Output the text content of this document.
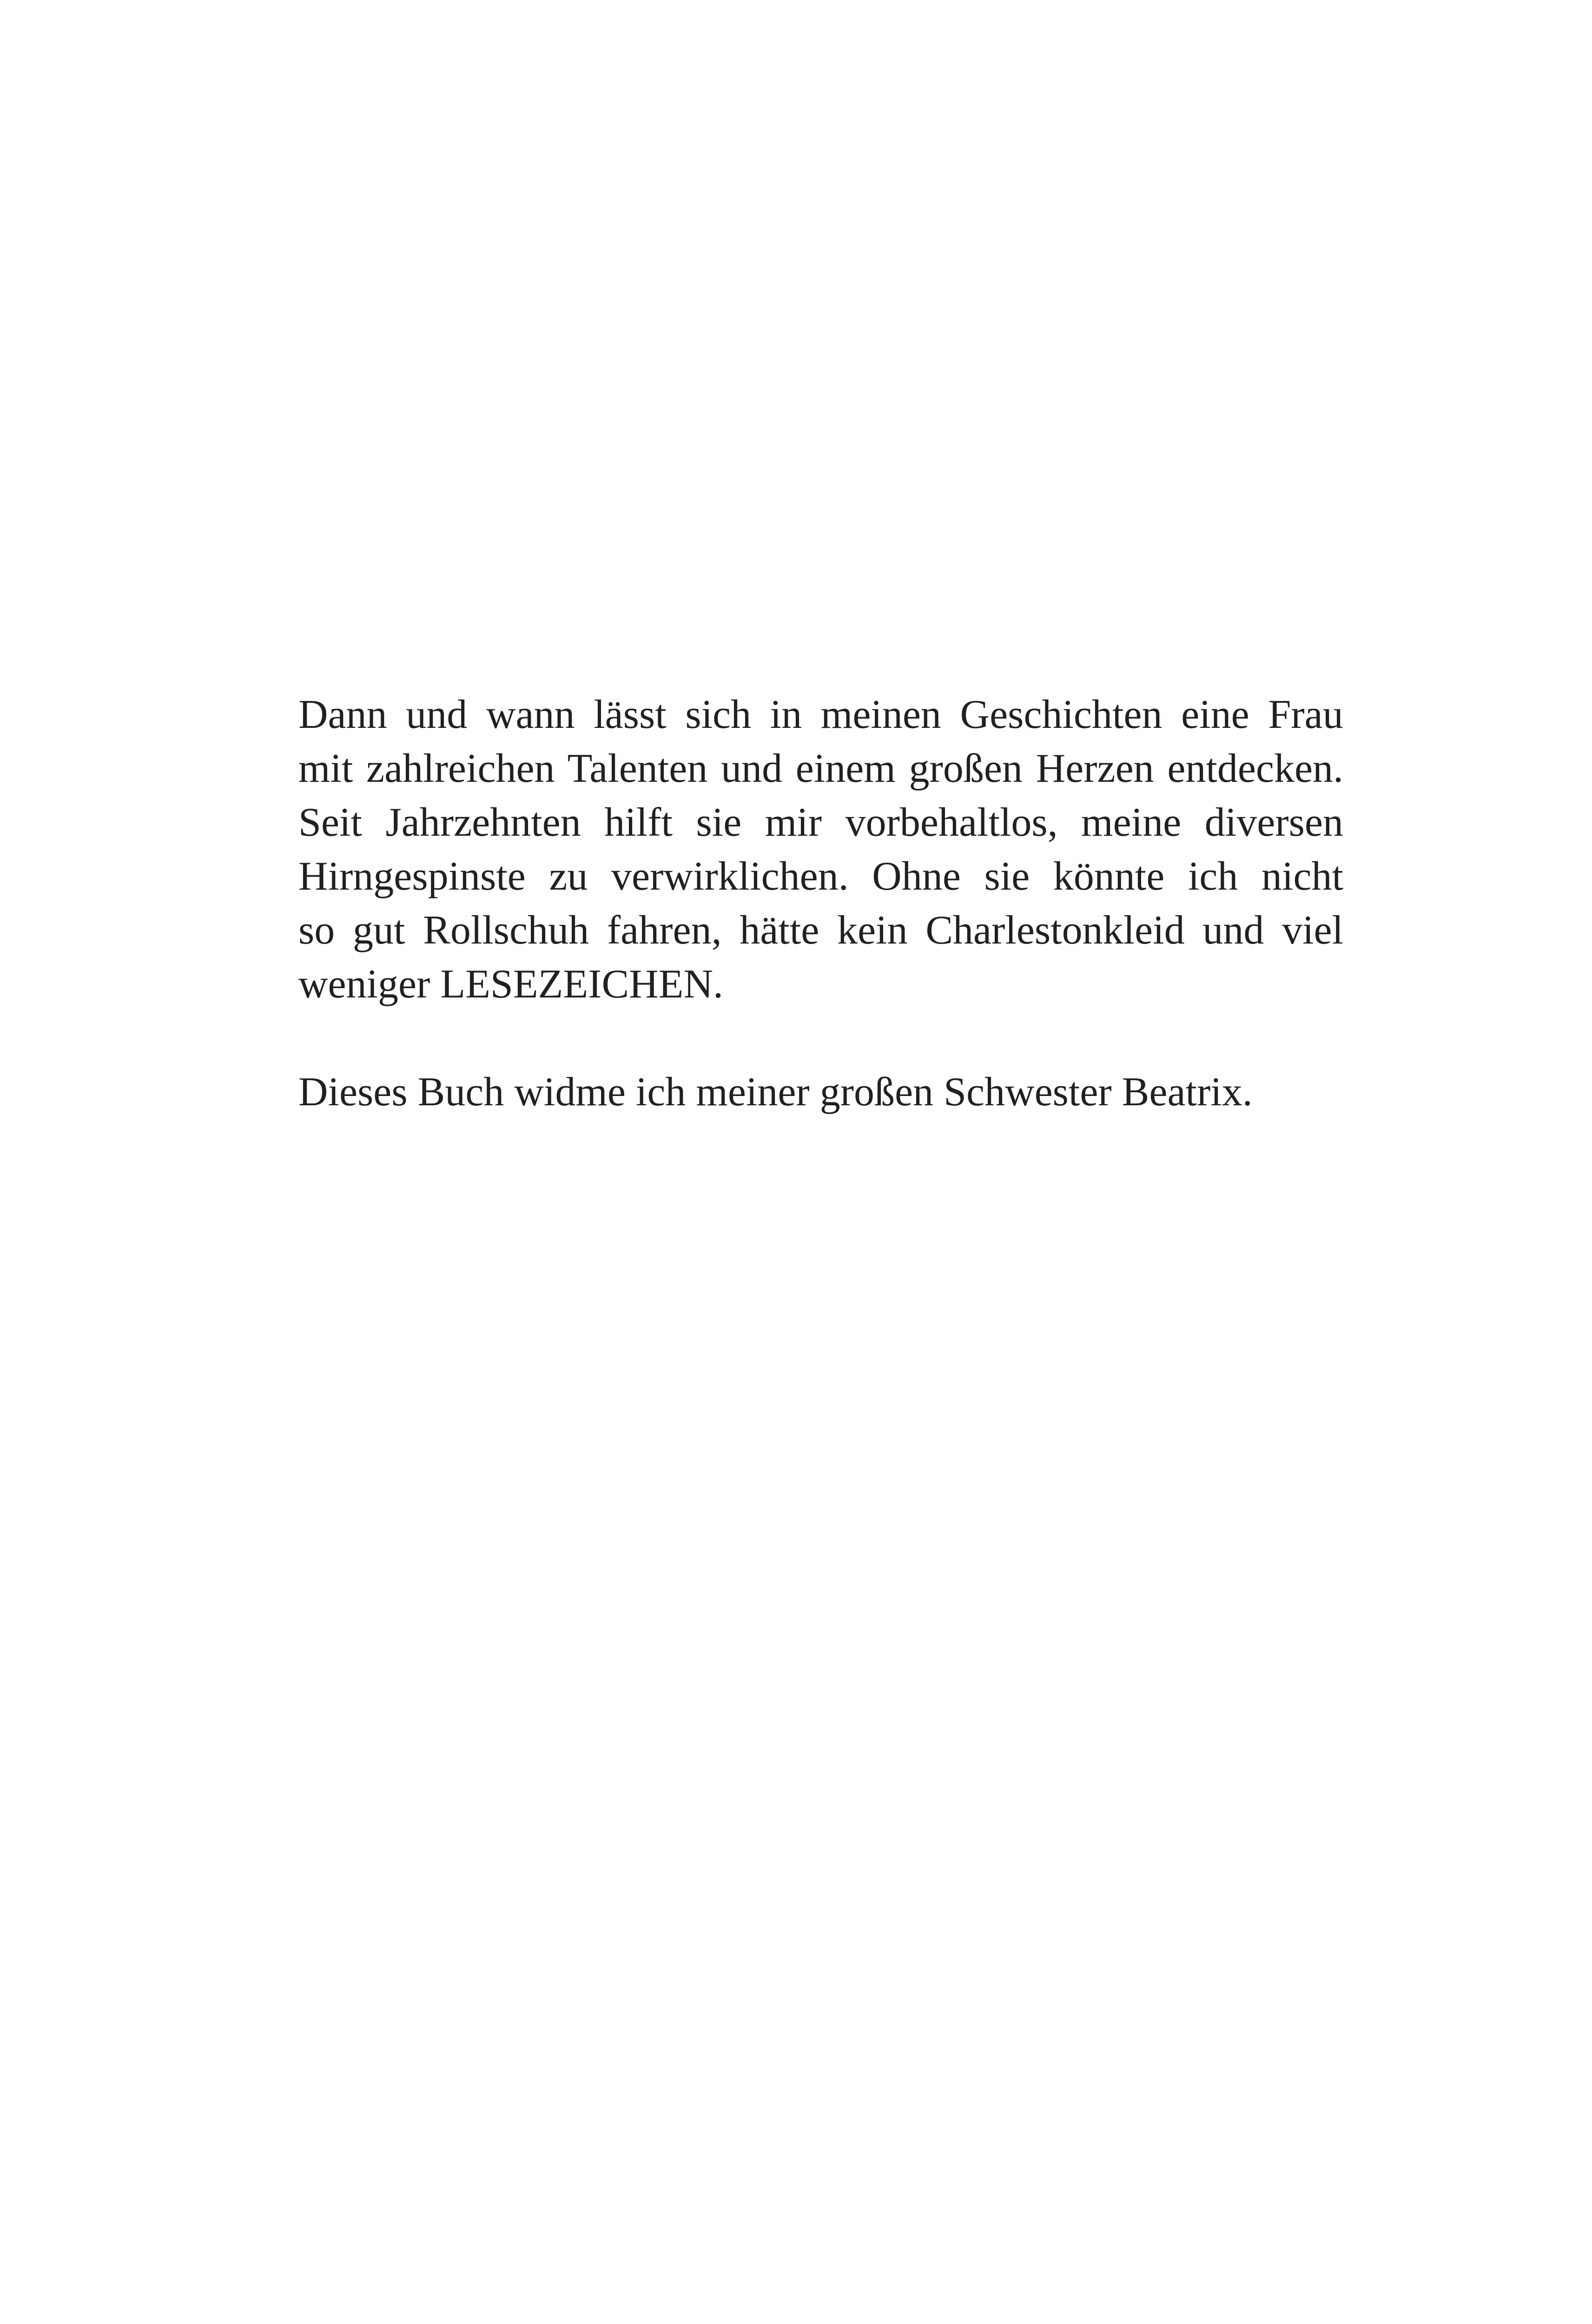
Dann und wann lässt sich in meinen Geschichten eine Frau
mit zahlreichen Talenten und einem großen Herzen entdecken.
Seit Jahrzehnten hilft sie mir vorbehaltlos, meine diversen
Hirngespinste zu verwirklichen. Ohne sie könnte ich nicht
so gut Rollschuh fahren, hätte kein Charlestonkleid und viel
weniger LESEZEICHEN.
Dieses Buch widme ich meiner großen Schwester Beatrix.
